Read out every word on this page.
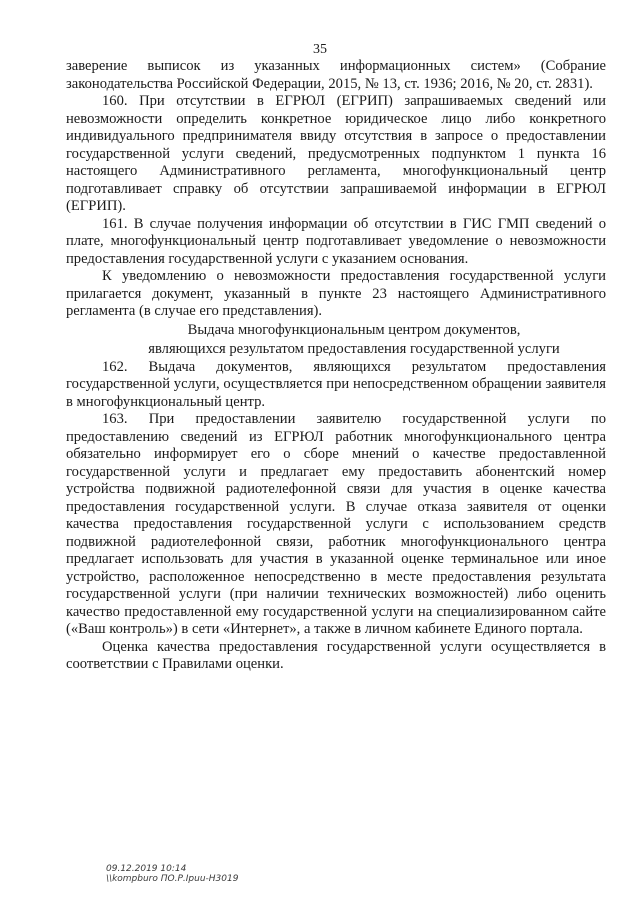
35

заверение выписок из указанных информационных систем» (Собрание законодательства Российской Федерации, 2015, № 13, ст. 1936; 2016, № 20, ст. 2831).

160. При отсутствии в ЕГРЮЛ (ЕГРИП) запрашиваемых сведений или невозможности определить конкретное юридическое лицо либо конкретного индивидуального предпринимателя ввиду отсутствия в запросе о предоставлении государственной услуги сведений, предусмотренных подпунктом 1 пункта 16 настоящего Административного регламента, многофункциональный центр подготавливает справку об отсутствии запрашиваемой информации в ЕГРЮЛ (ЕГРИП).

161. В случае получения информации об отсутствии в ГИС ГМП сведений о плате, многофункциональный центр подготавливает уведомление о невозможности предоставления государственной услуги с указанием основания.

К уведомлению о невозможности предоставления государственной услуги прилагается документ, указанный в пункте 23 настоящего Административного регламента (в случае его представления).

Выдача многофункциональным центром документов,
являющихся результатом предоставления государственной услуги

162. Выдача документов, являющихся результатом предоставления государственной услуги, осуществляется при непосредственном обращении заявителя в многофункциональный центр.

163. При предоставлении заявителю государственной услуги по предоставлению сведений из ЕГРЮЛ работник многофункционального центра обязательно информирует его о сборе мнений о качестве предоставленной государственной услуги и предлагает ему предоставить абонентский номер устройства подвижной радиотелефонной связи для участия в оценке качества предоставления государственной услуги. В случае отказа заявителя от оценки качества предоставления государственной услуги с использованием средств подвижной радиотелефонной связи, работник многофункционального центра предлагает использовать для участия в указанной оценке терминальное или иное устройство, расположенное непосредственно в месте предоставления результата государственной услуги (при наличии технических возможностей) либо оценить качество предоставленной ему государственной услуги на специализированном сайте («Ваш контроль») в сети «Интернет», а также в личном кабинете Единого портала.

Оценка качества предоставления государственной услуги осуществляется в соответствии с Правилами оценки.

09.12.2019 10:14
\\kompburo ПО.Р.Ipuu-H3019
